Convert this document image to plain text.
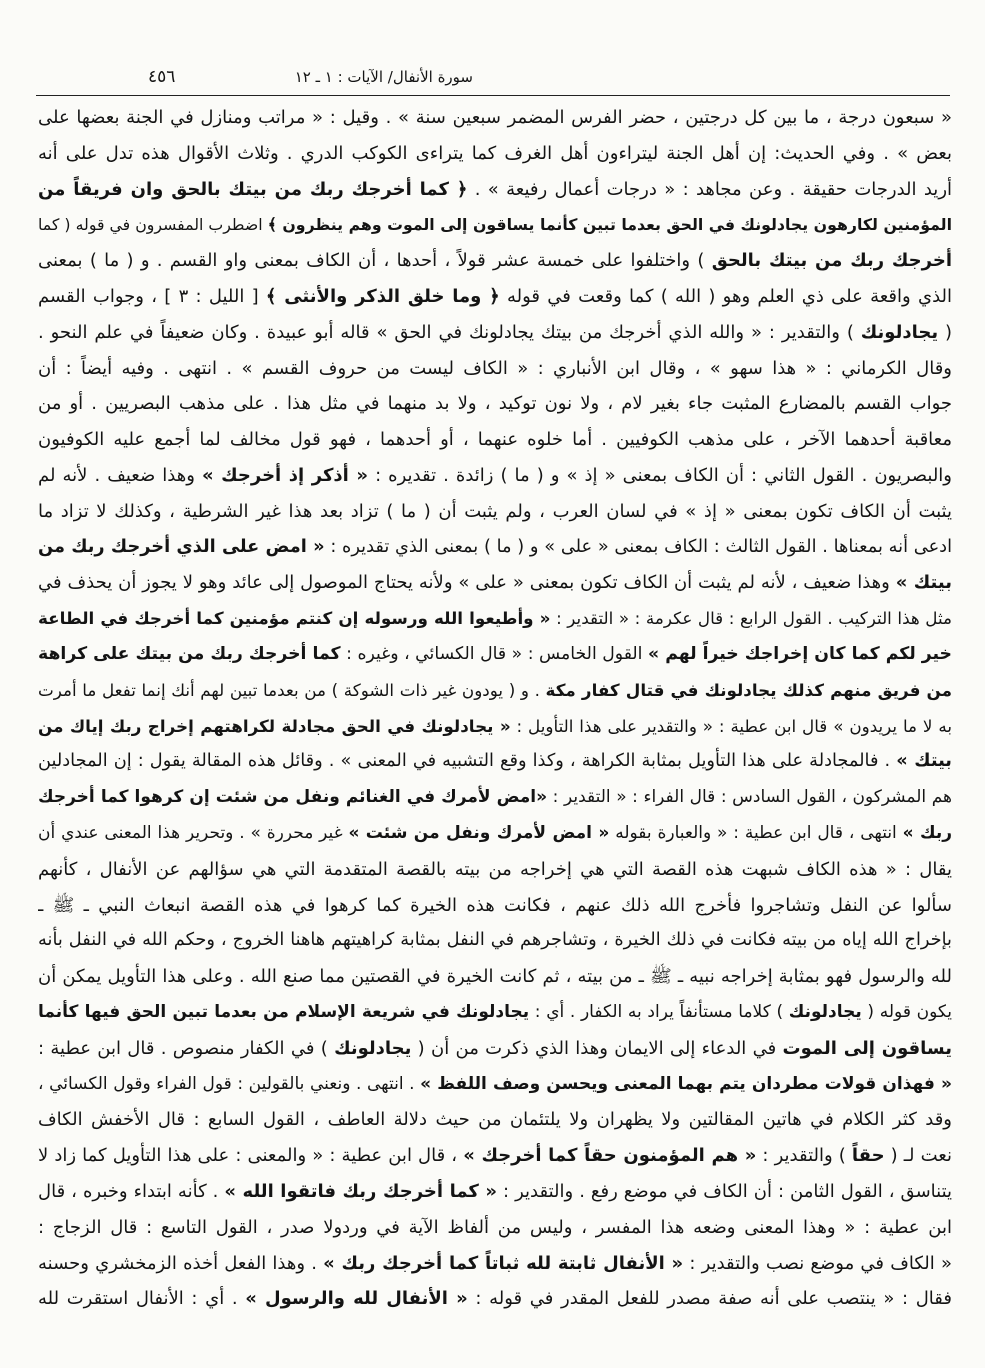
٤٥٦	سورة الأنفال/ الآيات : ١ ـ ١٢
« سبعون درجة ، ما بين كل درجتين ، حضر الفرس المضمر سبعين سنة » . وقيل : « مراتب ومنازل في الجنة بعضها على
بعض » . وفي الحديث: إن أهل الجنة ليتراءون أهل الغرف كما يتراءى الكوكب الدري . وثلاث الأقوال هذه تدل على أنه
أريد الدرجات حقيقة . وعن مجاهد : « درجات أعمال رفيعة » . ﴿ كما أخرجك ربك من بيتك بالحق وان فريقاً من
المؤمنين لكارهون يجادلونك في الحق بعدما تبين كأنما يساقون إلى الموت وهم ينظرون ﴾ اضطرب المفسرون في قوله ( كما
أخرجك ربك من بيتك بالحق ) واختلفوا على خمسة عشر قولاً ، أحدها ، أن الكاف بمعنى واو القسم . و ( ما ) بمعنى
الذي واقعة على ذي العلم وهو ( الله ) كما وقعت في قوله ﴿ وما خلق الذكر والأنثى ﴾ [ الليل : ٣ ] ، وجواب القسم
( يجادلونك ) والتقدير : « والله الذي أخرجك من بيتك يجادلونك في الحق » قاله أبو عبيدة . وكان ضعيفاً في علم النحو .
وقال الكرماني : « هذا سهو » ، وقال ابن الأنباري : « الكاف ليست من حروف القسم » . انتهى . وفيه أيضاً : أن
جواب القسم بالمضارع المثبت جاء بغير لام ، ولا نون توكيد ، ولا بد منهما في مثل هذا . على مذهب البصريين . أو من
معاقبة أحدهما الآخر ، على مذهب الكوفيين . أما خلوه عنهما ، أو أحدهما ، فهو قول مخالف لما أجمع عليه الكوفيون
والبصريون . القول الثاني : أن الكاف بمعنى « إذ » و ( ما ) زائدة . تقديره : « أذكر إذ أخرجك » وهذا ضعيف . لأنه لم
يثبت أن الكاف تكون بمعنى « إذ » في لسان العرب ، ولم يثبت أن ( ما ) تزاد بعد هذا غير الشرطية ، وكذلك لا تزاد ما
ادعى أنه بمعناها . القول الثالث : الكاف بمعنى « على » و ( ما ) بمعنى الذي تقديره : « امض على الذي أخرجك ربك من
بيتك » وهذا ضعيف ، لأنه لم يثبت أن الكاف تكون بمعنى « على » ولأنه يحتاج الموصول إلى عائد وهو لا يجوز أن يحذف في
مثل هذا التركيب . القول الرابع : قال عكرمة : « التقدير : « وأطيعوا الله ورسوله إن كنتم مؤمنين كما أخرجك في الطاعة
خير لكم كما كان إخراجك خيراً لهم » القول الخامس : « قال الكسائي ، وغيره : كما أخرجك ربك من بيتك على كراهة
من فريق منهم كذلك يجادلونك في قتال كفار مكة . و ( يودون غير ذات الشوكة ) من بعدما تبين لهم أنك إنما تفعل ما أمرت
به لا ما يريدون » قال ابن عطية : « والتقدير على هذا التأويل : « يجادلونك في الحق مجادلة لكراهتهم إخراج ربك إياك من
بيتك » . فالمجادلة على هذا التأويل بمثابة الكراهة ، وكذا وقع التشبيه في المعنى » . وقائل هذه المقالة يقول : إن المجادلين
هم المشركون ، القول السادس : قال الفراء : « التقدير : «امض لأمرك في الغنائم ونفل من شئت إن كرهوا كما أخرجك
ربك » انتهى ، قال ابن عطية : « والعبارة بقوله « امض لأمرك ونفل من شئت » غير محررة » . وتحرير هذا المعنى عندي أن
يقال : « هذه الكاف شبهت هذه القصة التي هي إخراجه من بيته بالقصة المتقدمة التي هي سؤالهم عن الأنفال ، كأنهم
سألوا عن النفل وتشاجروا فأخرج الله ذلك عنهم ، فكانت هذه الخيرة كما كرهوا في هذه القصة انبعاث النبي ـ ﷺ ـ
بإخراج الله إياه من بيته فكانت في ذلك الخيرة ، وتشاجرهم في النفل بمثابة كراهيتهم هاهنا الخروج ، وحكم الله في النفل بأنه
لله والرسول فهو بمثابة إخراجه نبيه ـ ﷺ ـ من بيته ، ثم كانت الخيرة في القصتين مما صنع الله . وعلى هذا التأويل يمكن أن
يكون قوله ( يجادلونك ) كلاما مستأنفاً يراد به الكفار . أي : يجادلونك في شريعة الإسلام من بعدما تبين الحق فيها كأنما
يساقون إلى الموت في الدعاء إلى الايمان وهذا الذي ذكرت من أن ( يجادلونك ) في الكفار منصوص . قال ابن عطية :
« فهذان قولات مطردان يتم بهما المعنى ويحسن وصف اللفظ » . انتهى . ونعني بالقولين : قول الفراء وقول الكسائي ،
وقد كثر الكلام في هاتين المقالتين ولا يظهران ولا يلتئمان من حيث دلالة العاطف ، القول السابع : قال الأخفش الكاف
نعت لـ ( حقاً ) والتقدير : « هم المؤمنون حقاً كما أخرجك » ، قال ابن عطية : « والمعنى : على هذا التأويل كما زاد لا
يتناسق ، القول الثامن : أن الكاف في موضع رفع . والتقدير : « كما أخرجك ربك فاتقوا الله » . كأنه ابتداء وخبره ، قال
ابن عطية : « وهذا المعنى وضعه هذا المفسر ، وليس من ألفاظ الآية في وردولا صدر ، القول التاسع : قال الزجاج :
« الكاف في موضع نصب والتقدير : « الأنفال ثابتة لله ثباتاً كما أخرجك ربك » . وهذا الفعل أخذه الزمخشري وحسنه
فقال : « ينتصب على أنه صفة مصدر للفعل المقدر في قوله : « الأنفال لله والرسول » . أي : الأنفال استقرت لله
